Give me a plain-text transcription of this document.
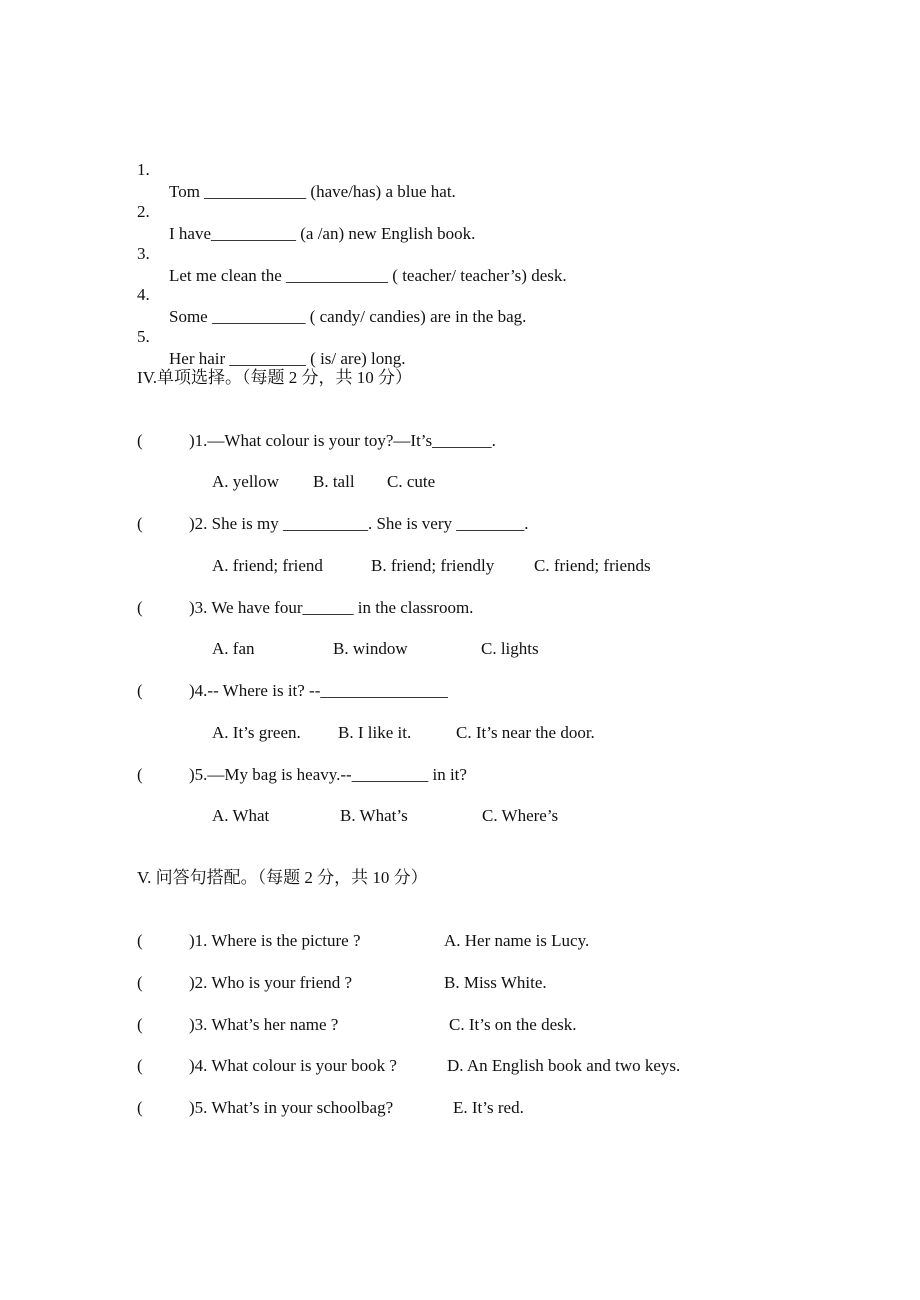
1.

Tom ____________ (have/has) a blue hat.

2.

I have__________ (a /an) new English book.

3.

Let me clean the ____________ ( teacher/ teacher’s) desk.

4.

Some ___________ ( candy/ candies) are in the bag.

5.

Her hair _________ ( is/ are) long.

IV.单项选择。（每题 2 分，共 10 分）
(	)1.—What colour is your toy?—It’s_______.
A. yellow B. tall C. cute
(	)2. She is my __________. She is very ________.
A. friend; friend	B. friend; friendly C. friend; friends
(	)3. We have four______ in the classroom.
A. fan	B. window	C. lights
(	)4.-- Where is it? --_______________
A. It’s green. B. I like it.	C. It’s near the door.
(	)5.—My bag is heavy.--_________ in it?
A. What	B. What’s	C. Where’s
V. 问答句搭配。（每题 2 分，共 10 分）
(	)1. Where is the picture ?	A. Her name is Lucy.
(	)2. Who is your friend ?	B. Miss White.
(	)3. What’s her name ?	C. It’s on the desk.
(	)4. What colour is your book ?	D. An English book and two keys.
(	)5. What’s in your schoolbag?	E. It’s red.
